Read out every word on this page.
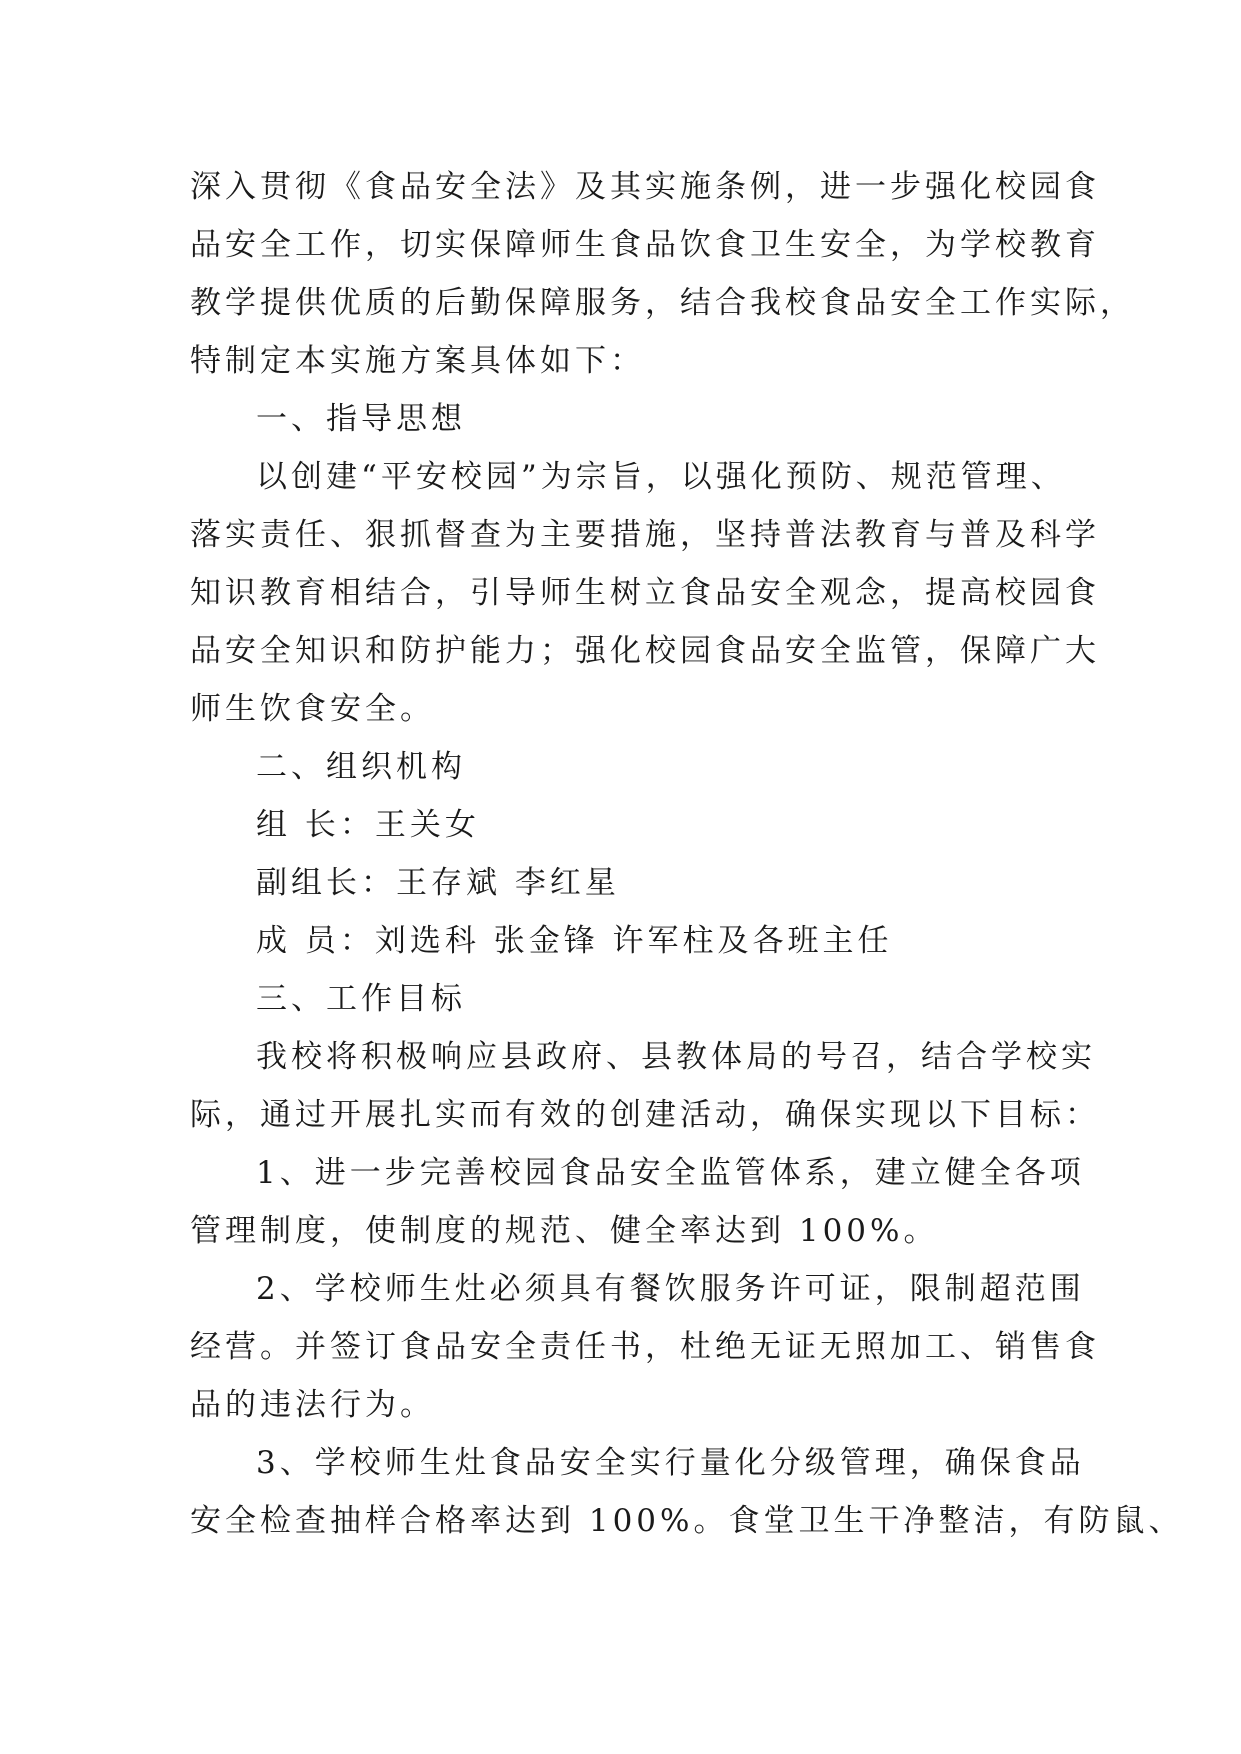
深入贯彻《食品安全法》及其实施条例，进一步强化校园食
品安全工作，切实保障师生食品饮食卫生安全，为学校教育
教学提供优质的后勤保障服务，结合我校食品安全工作实际，
特制定本实施方案具体如下：
一、指导思想
以创建“平安校园”为宗旨，以强化预防、规范管理、
落实责任、狠抓督查为主要措施，坚持普法教育与普及科学
知识教育相结合，引导师生树立食品安全观念，提高校园食
品安全知识和防护能力；强化校园食品安全监管，保障广大
师生饮食安全。
二、组织机构
组 长：王关女
副组长：王存斌 李红星
成 员：刘选科 张金锋 许军柱及各班主任
三、工作目标
我校将积极响应县政府、县教体局的号召，结合学校实
际，通过开展扎实而有效的创建活动，确保实现以下目标：
1、进一步完善校园食品安全监管体系，建立健全各项
管理制度，使制度的规范、健全率达到 100%。
2、学校师生灶必须具有餐饮服务许可证，限制超范围
经营。并签订食品安全责任书，杜绝无证无照加工、销售食
品的违法行为。
3、学校师生灶食品安全实行量化分级管理，确保食品
安全检查抽样合格率达到 100%。食堂卫生干净整洁，有防鼠、
